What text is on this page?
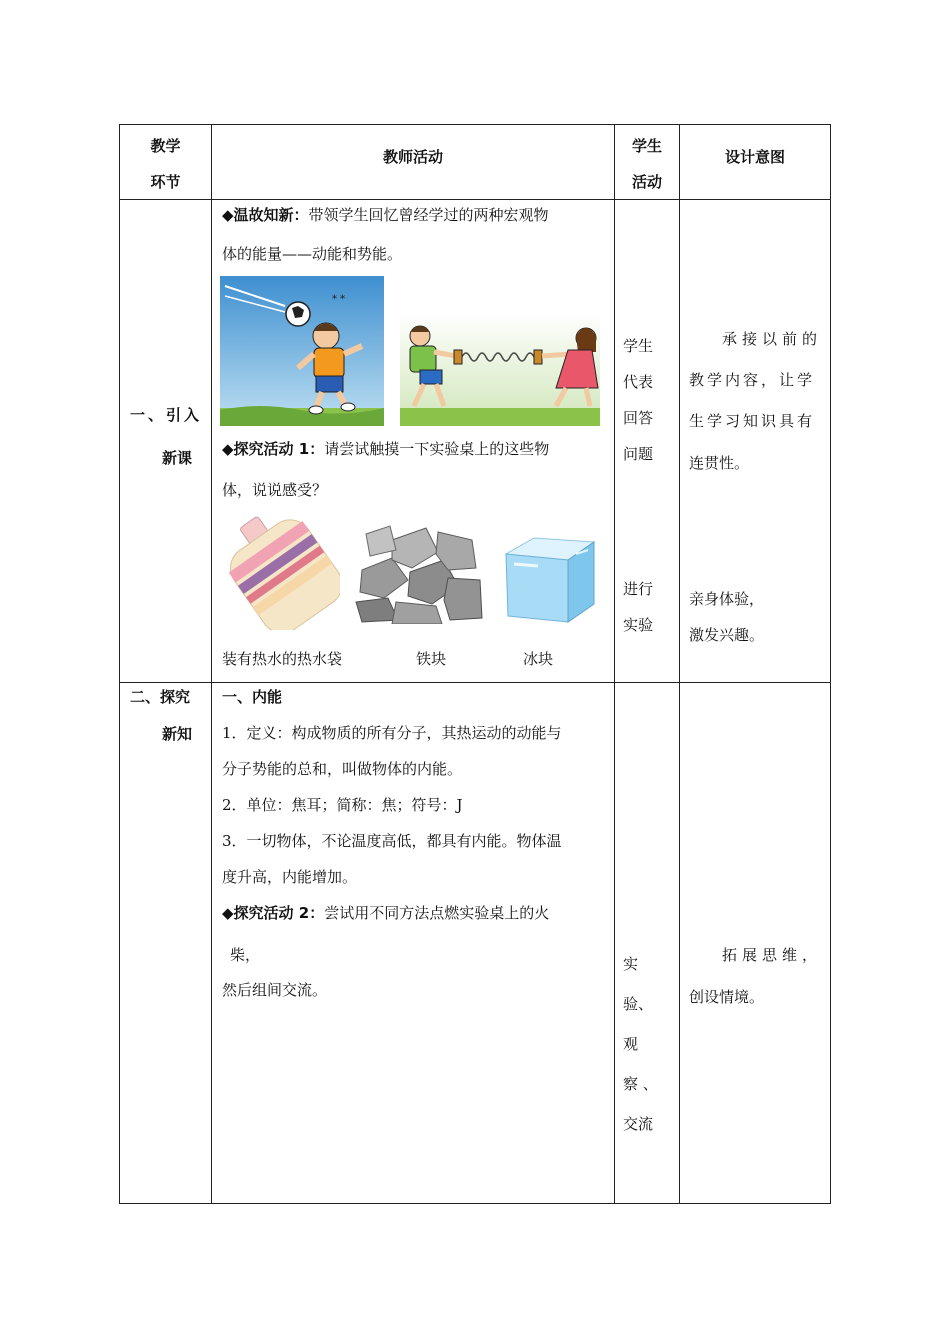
教学
环节
教师活动
学生
活动
设计意图
一、引入
新课
◆温故知新：带领学生回忆曾经学过的两种宏观物
体的能量——动能和势能。
* *
◆探究活动 1：请尝试触摸一下实验桌上的这些物
体，说说感受？
装有热水的热水袋	铁块	冰块
学生
代表
回答
问题
进行
实验
承接以前的
教学内容，让学
生学习知识具有
连贯性。
亲身体验，
激发兴趣。
二、探究
新知
一、内能
1．定义：构成物质的所有分子，其热运动的动能与
分子势能的总和，叫做物体的内能。
2．单位：焦耳；简称：焦；符号：J
3．一切物体，不论温度高低，都具有内能。物体温
度升高，内能增加。
◆探究活动 2：尝试用不同方法点燃实验桌上的火
柴，
然后组间交流。
实
验、
观
察 、
交流
拓展思维，
创设情境。
